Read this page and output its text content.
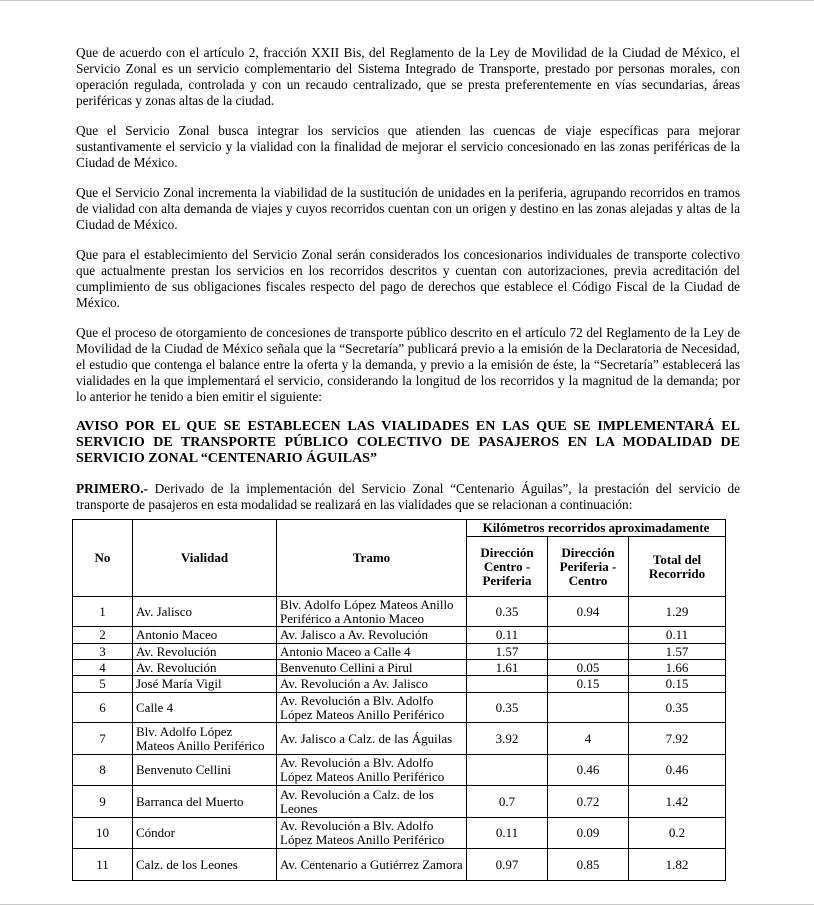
Que de acuerdo con el artículo 2, fracción XXII Bis, del Reglamento de la Ley de Movilidad de la Ciudad de México, el Servicio Zonal es un servicio complementario del Sistema Integrado de Transporte, prestado por personas morales, con operación regulada, controlada y con un recaudo centralizado, que se presta preferentemente en vías secundarias, áreas periféricas y zonas altas de la ciudad.

Que el Servicio Zonal busca integrar los servicios que atienden las cuencas de viaje específicas para mejorar sustantivamente el servicio y la vialidad con la finalidad de mejorar el servicio concesionado en las zonas periféricas de la Ciudad de México.

Que el Servicio Zonal incrementa la viabilidad de la sustitución de unidades en la periferia, agrupando recorridos en tramos de vialidad con alta demanda de viajes y cuyos recorridos cuentan con un origen y destino en las zonas alejadas y altas de la Ciudad de México.

Que para el establecimiento del Servicio Zonal serán considerados los concesionarios individuales de transporte colectivo que actualmente prestan los servicios en los recorridos descritos y cuentan con autorizaciones, previa acreditación del cumplimiento de sus obligaciones fiscales respecto del pago de derechos que establece el Código Fiscal de la Ciudad de México.

Que el proceso de otorgamiento de concesiones de transporte público descrito en el artículo 72 del Reglamento de la Ley de Movilidad de la Ciudad de México señala que la “Secretaría” publicará previo a la emisión de la Declaratoria de Necesidad, el estudio que contenga el balance entre la oferta y la demanda, y previo a la emisión de éste, la “Secretaría” establecerá las vialidades en la que implementará el servicio, considerando la longitud de los recorridos y la magnitud de la demanda; por lo anterior he tenido a bien emitir el siguiente:

AVISO POR EL QUE SE ESTABLECEN LAS VIALIDADES EN LAS QUE SE IMPLEMENTARÁ EL SERVICIO DE TRANSPORTE PÚBLICO COLECTIVO DE PASAJEROS EN LA MODALIDAD DE SERVICIO ZONAL “CENTENARIO ÁGUILAS”

PRIMERO.- Derivado de la implementación del Servicio Zonal “Centenario Águilas”, la prestación del servicio de transporte de pasajeros en esta modalidad se realizará en las vialidades que se relacionan a continuación:

No	Vialidad	Tramo	Kilómetros recorridos aproximadamente		
			Dirección Centro - Periferia	Dirección Periferia - Centro	Total del Recorrido
1	Av. Jalisco	Blv. Adolfo López Mateos Anillo Periférico a Antonio Maceo	0.35	0.94	1.29
2	Antonio Maceo	Av. Jalisco a Av. Revolución	0.11		0.11
3	Av. Revolución	Antonio Maceo a Calle 4	1.57		1.57
4	Av. Revolución	Benvenuto Cellini a Pirul	1.61	0.05	1.66
5	José María Vigil	Av. Revolución a Av. Jalisco		0.15	0.15
6	Calle 4	Av. Revolución a Blv. Adolfo López Mateos Anillo Periférico	0.35		0.35
7	Blv. Adolfo López Mateos Anillo Periférico	Av. Jalisco a Calz. de las Águilas	3.92	4	7.92
8	Benvenuto Cellini	Av. Revolución a Blv. Adolfo López Mateos Anillo Periférico		0.46	0.46
9	Barranca del Muerto	Av. Revolución a Calz. de los Leones	0.7	0.72	1.42
10	Cóndor	Av. Revolución a Blv. Adolfo López Mateos Anillo Periférico	0.11	0.09	0.2
11	Calz. de los Leones	Av. Centenario a Gutiérrez Zamora	0.97	0.85	1.82
